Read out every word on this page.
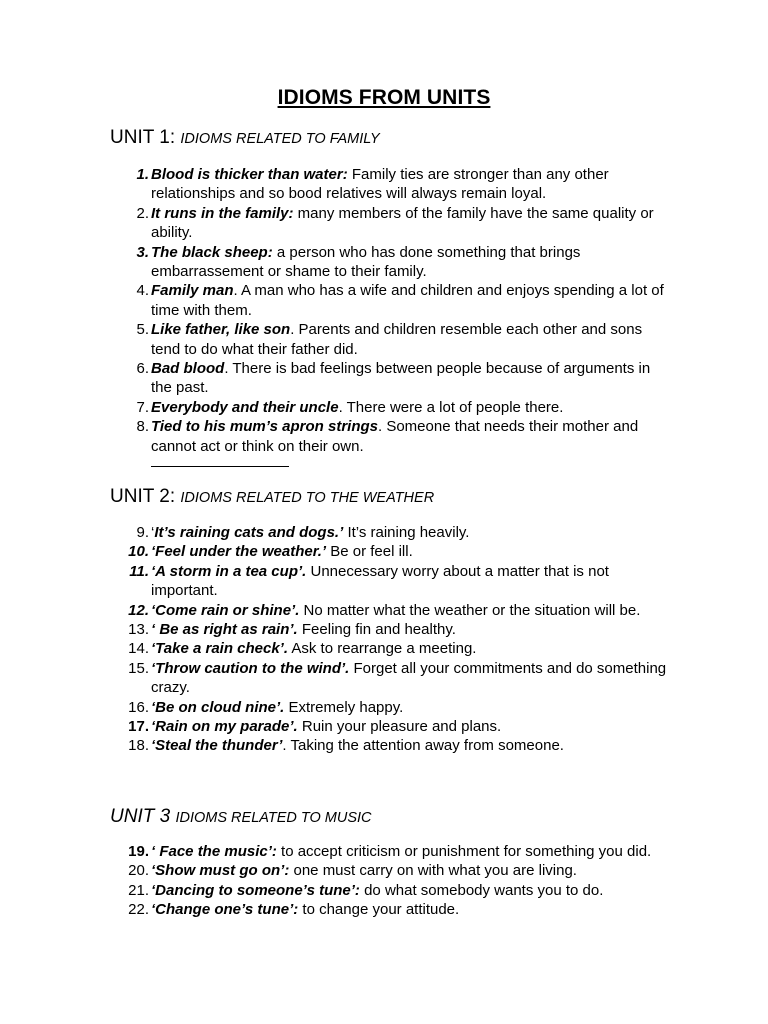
IDIOMS FROM UNITS
UNIT 1: IDIOMS RELATED TO FAMILY
1. Blood is thicker than water: Family ties are stronger than any other relationships and so bood relatives will always remain loyal.
2. It runs in the family: many members of the family have the same quality or ability.
3. The black sheep: a person who has done something that brings embarrassement or shame to their family.
4. Family man. A man who has a wife and children and enjoys spending a lot of time with them.
5. Like father, like son. Parents and children resemble each other and sons tend to do what their father did.
6. Bad blood. There is bad feelings between people because of arguments in the past.
7. Everybody and their uncle. There were a lot of people there.
8. Tied to his mum’s apron strings. Someone that needs their mother and cannot act or think on their own.
UNIT 2: IDIOMS RELATED TO THE WEATHER
9. ‘It’s raining cats and dogs.’ It’s raining heavily.
10. ‘Feel under the weather.’ Be or feel ill.
11. ‘A storm in a tea cup’. Unnecessary worry about a matter that is not important.
12. ‘Come rain or shine’. No matter what the weather or the situation will be.
13. ‘ Be as right as rain’. Feeling fin and healthy.
14. ‘Take a rain check’. Ask to rearrange a meeting.
15. ‘Throw caution to the wind’. Forget all your commitments and do something crazy.
16. ‘Be on cloud nine’. Extremely happy.
17. ‘Rain on my parade’. Ruin your pleasure and plans.
18. ‘Steal the thunder’. Taking the attention away from someone.
UNIT 3 IDIOMS RELATED TO MUSIC
19. ‘ Face the music’: to accept criticism or punishment for something you did.
20. ‘Show must go on’: one must carry on with what you are living.
21. ‘Dancing to someone’s tune’: do what somebody wants you to do.
22. ‘Change one’s tune’: to change your attitude.
